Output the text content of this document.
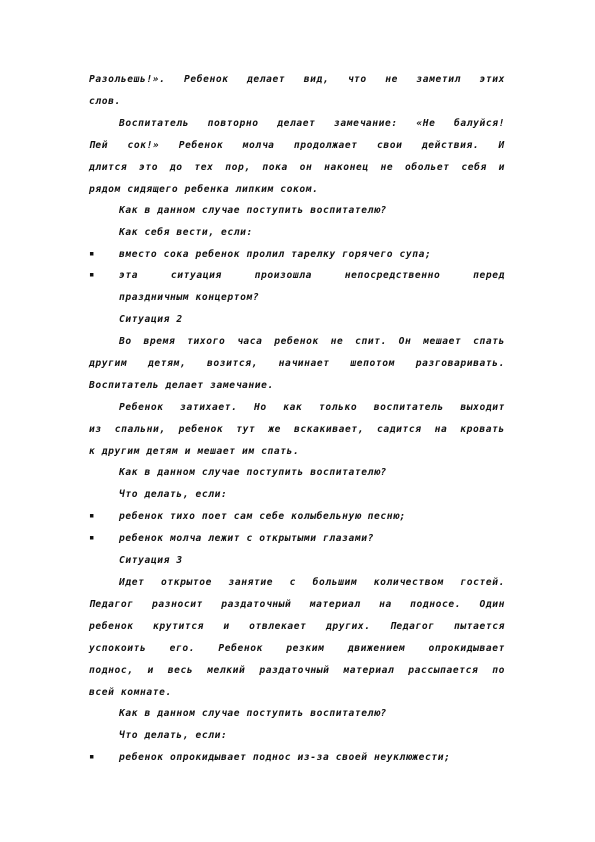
Разольешь!». Ребенок делает вид, что не заметил этих
слов.
Воспитатель повторно делает замечание: «Не балуйся!
Пей сок!» Ребенок молча продолжает свои действия. И
длится это до тех пор, пока он наконец не обольет себя и
рядом сидящего ребенка липким соком.
Как в данном случае поступить воспитателю?
Как себя вести, если:
▪ вместо сока ребенок пролил тарелку горячего супа;
▪ эта	ситуация	произошла	непосредственно	перед
праздничным концертом?
Ситуация 2
Во время тихого часа ребенок не спит. Он мешает спать
другим детям, возится, начинает шепотом разговаривать.
Воспитатель делает замечание.
Ребенок затихает. Но как только воспитатель выходит
из спальни, ребенок тут же вскакивает, садится на кровать
к другим детям и мешает им спать.
Как в данном случае поступить воспитателю?
Что делать, если:
▪ ребенок тихо поет сам себе колыбельную песню;
▪ ребенок молча лежит с открытыми глазами?
Ситуация 3
Идет открытое занятие с большим количеством гостей.
Педагог разносит раздаточный материал на подносе. Один
ребенок крутится и отвлекает других. Педагог пытается
успокоить его. Ребенок резким движением опрокидывает
поднос, и весь мелкий раздаточный материал рассыпается по
всей комнате.
Как в данном случае поступить воспитателю?
Что делать, если:
▪ ребенок опрокидывает поднос из-за своей неуклюжести;
